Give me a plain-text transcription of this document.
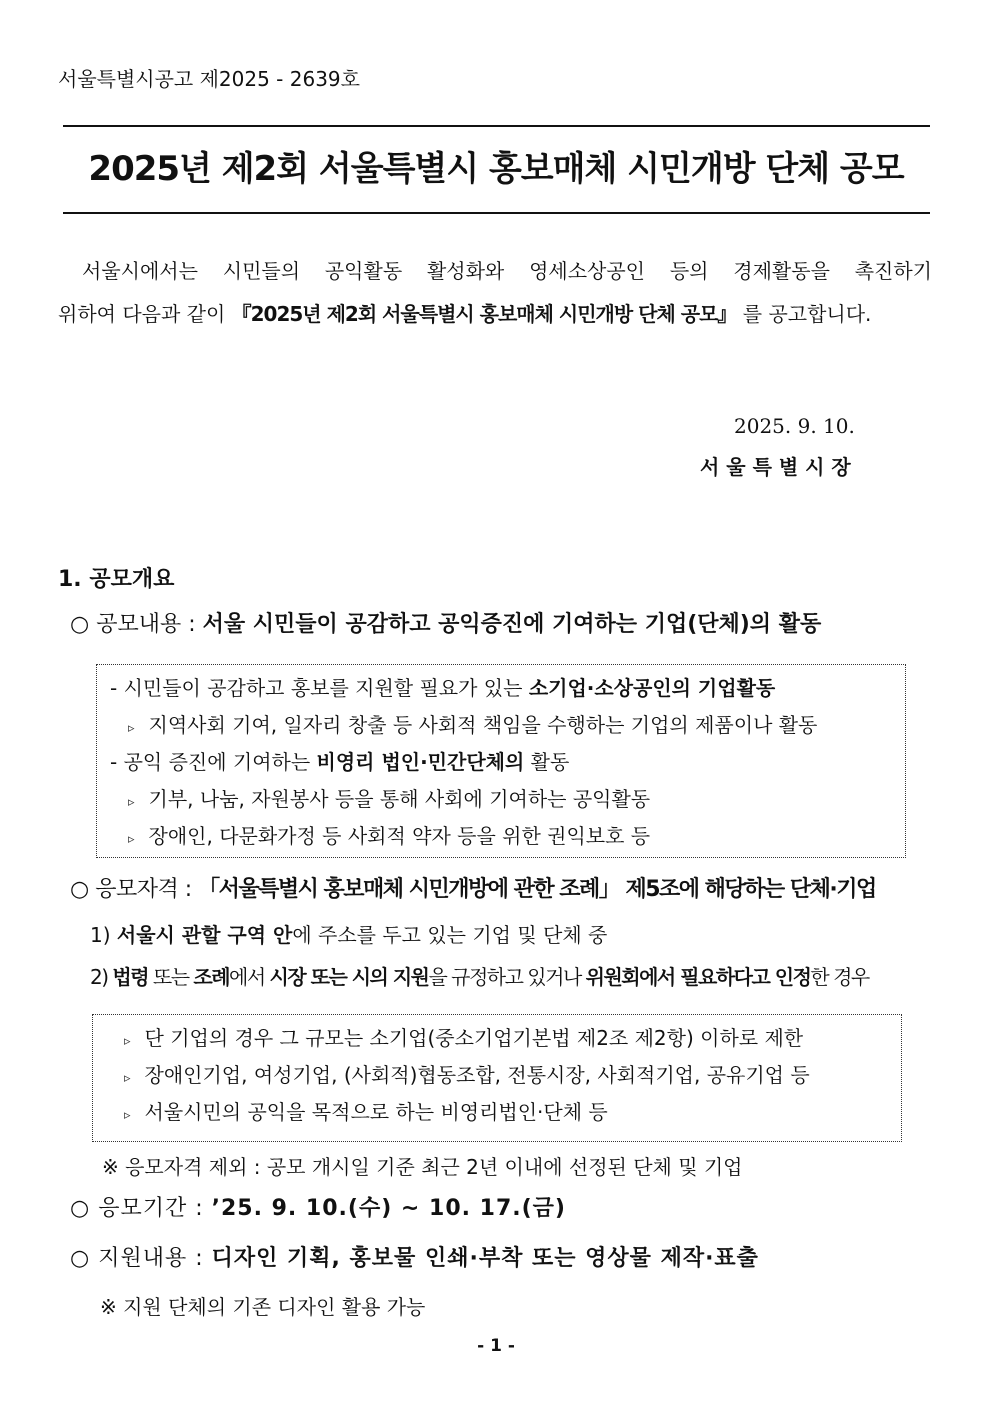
서울특별시공고 제2025 - 2639호
2025년 제2회 서울특별시 홍보매체 시민개방 단체 공모
서울시에서는 시민들의 공익활동 활성화와 영세소상공인 등의 경제활동을 촉진하기
위하여 다음과 같이 『2025년 제2회 서울특별시 홍보매체 시민개방 단체 공모』 를 공고합니다.
2025. 9. 10.
서 울 특 별 시 장
1. 공모개요
○ 공모내용 : 서울 시민들이 공감하고 공익증진에 기여하는 기업(단체)의 활동
- 시민들이 공감하고 홍보를 지원할 필요가 있는 소기업·소상공인의 기업활동
▹ 지역사회 기여, 일자리 창출 등 사회적 책임을 수행하는 기업의 제품이나 활동
- 공익 증진에 기여하는 비영리 법인·민간단체의 활동
▹ 기부, 나눔, 자원봉사 등을 통해 사회에 기여하는 공익활동
▹ 장애인, 다문화가정 등 사회적 약자 등을 위한 권익보호 등
○ 응모자격 : 「서울특별시 홍보매체 시민개방에 관한 조례」 제5조에 해당하는 단체·기업
1) 서울시 관할 구역 안에 주소를 두고 있는 기업 및 단체 중
2) 법령 또는 조례에서 시장 또는 시의 지원을 규정하고 있거나 위원회에서 필요하다고 인정한 경우
▹ 단 기업의 경우 그 규모는 소기업(중소기업기본법 제2조 제2항) 이하로 제한
▹ 장애인기업, 여성기업, (사회적)협동조합, 전통시장, 사회적기업, 공유기업 등
▹ 서울시민의 공익을 목적으로 하는 비영리법인·단체 등
※ 응모자격 제외 : 공모 개시일 기준 최근 2년 이내에 선정된 단체 및 기업
○ 응모기간 : ’25. 9. 10.(수) ~ 10. 17.(금)
○ 지원내용 : 디자인 기획, 홍보물 인쇄·부착 또는 영상물 제작·표출
※ 지원 단체의 기존 디자인 활용 가능
- 1 -
